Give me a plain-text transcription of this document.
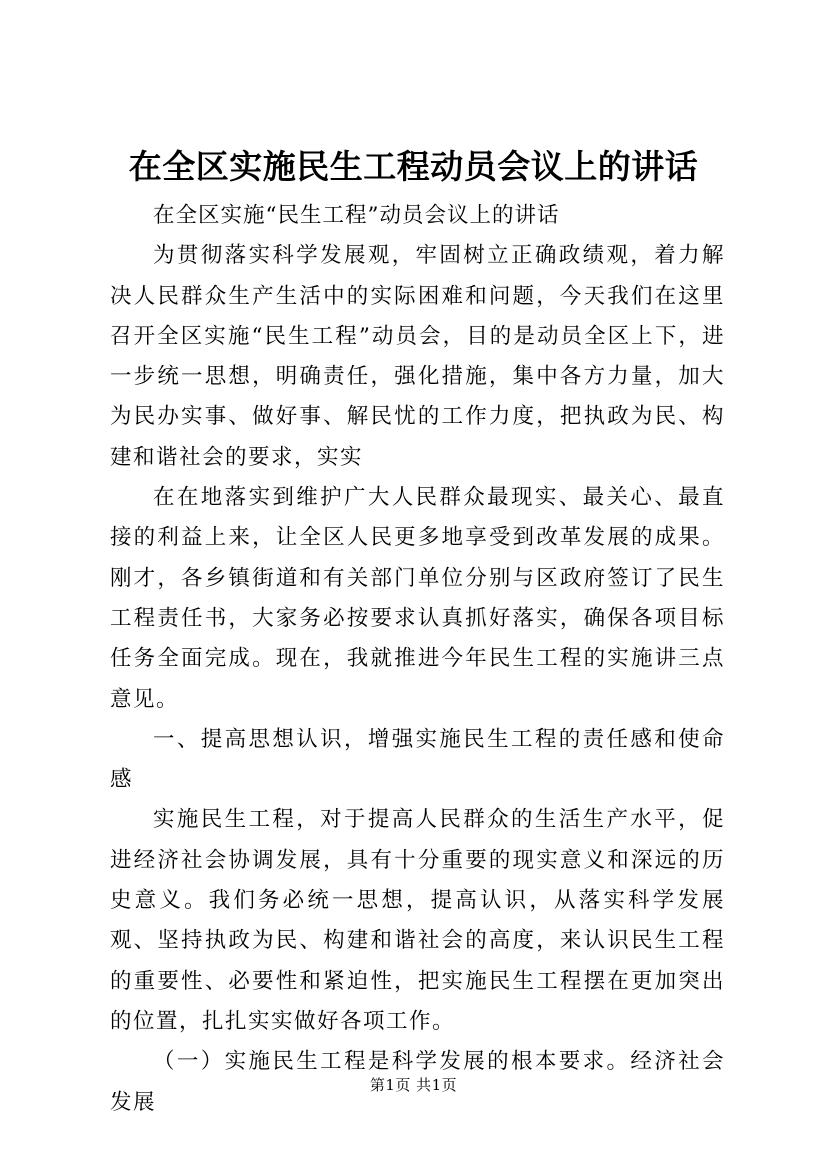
在全区实施民生工程动员会议上的讲话

在全区实施“民生工程”动员会议上的讲话

为贯彻落实科学发展观，牢固树立正确政绩观，着力解决人民群众生产生活中的实际困难和问题，今天我们在这里召开全区实施“民生工程”动员会，目的是动员全区上下，进一步统一思想，明确责任，强化措施，集中各方力量，加大为民办实事、做好事、解民忧的工作力度，把执政为民、构建和谐社会的要求，实实

在在地落实到维护广大人民群众最现实、最关心、最直接的利益上来，让全区人民更多地享受到改革发展的成果。刚才，各乡镇街道和有关部门单位分别与区政府签订了民生工程责任书，大家务必按要求认真抓好落实，确保各项目标任务全面完成。现在，我就推进今年民生工程的实施讲三点意见。

一、提高思想认识，增强实施民生工程的责任感和使命感

实施民生工程，对于提高人民群众的生活生产水平，促进经济社会协调发展，具有十分重要的现实意义和深远的历史意义。我们务必统一思想，提高认识，从落实科学发展观、坚持执政为民、构建和谐社会的高度，来认识民生工程的重要性、必要性和紧迫性，把实施民生工程摆在更加突出的位置，扎扎实实做好各项工作。

（一）实施民生工程是科学发展的根本要求。经济社会发展

第1页 共1页
